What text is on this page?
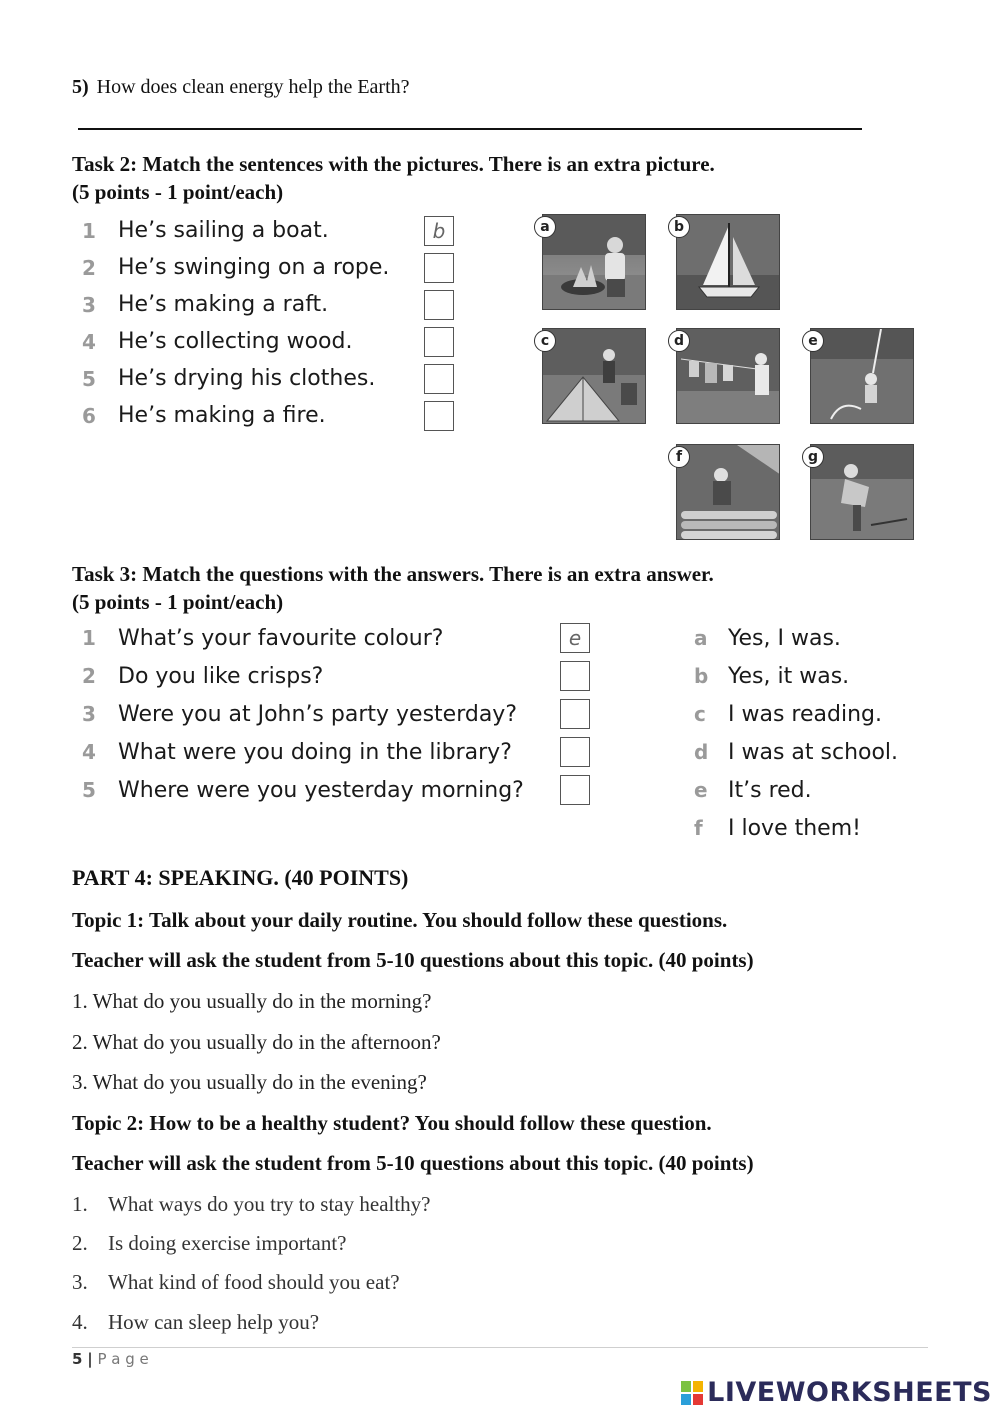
5) How does clean energy help the Earth?
Task 2: Match the sentences with the pictures. There is an extra picture.
(5 points - 1 point/each)
1	He’s sailing a boat.	b
2	He’s swinging on a rope.
3	He’s making a raft.
4	He’s collecting wood.
5	He’s drying his clothes.
6	He’s making a fire.
a	b
c	d	e
f	g
Task 3: Match the questions with the answers. There is an extra answer.
(5 points - 1 point/each)
1	What’s your favourite colour?	e
2	Do you like crisps?
3	Were you at John’s party yesterday?
4	What were you doing in the library?
5	Where were you yesterday morning?
a Yes, I was.
b Yes, it was.
c	I was reading.
d I was at school.
e It’s red.
f	I love them!
PART 4: SPEAKING. (40 POINTS)
Topic 1: Talk about your daily routine. You should follow these questions.
Teacher will ask the student from 5-10 questions about this topic. (40 points)
1. What do you usually do in the morning?
2. What do you usually do in the afternoon?
3. What do you usually do in the evening?
Topic 2: How to be a healthy student? You should follow these question.
Teacher will ask the student from 5-10 questions about this topic. (40 points)
1. What ways do you try to stay healthy?
2. Is doing exercise important?
3. What kind of food should you eat?
4. How can sleep help you?
5 | P a g e
LIVEWORKSHEETS
